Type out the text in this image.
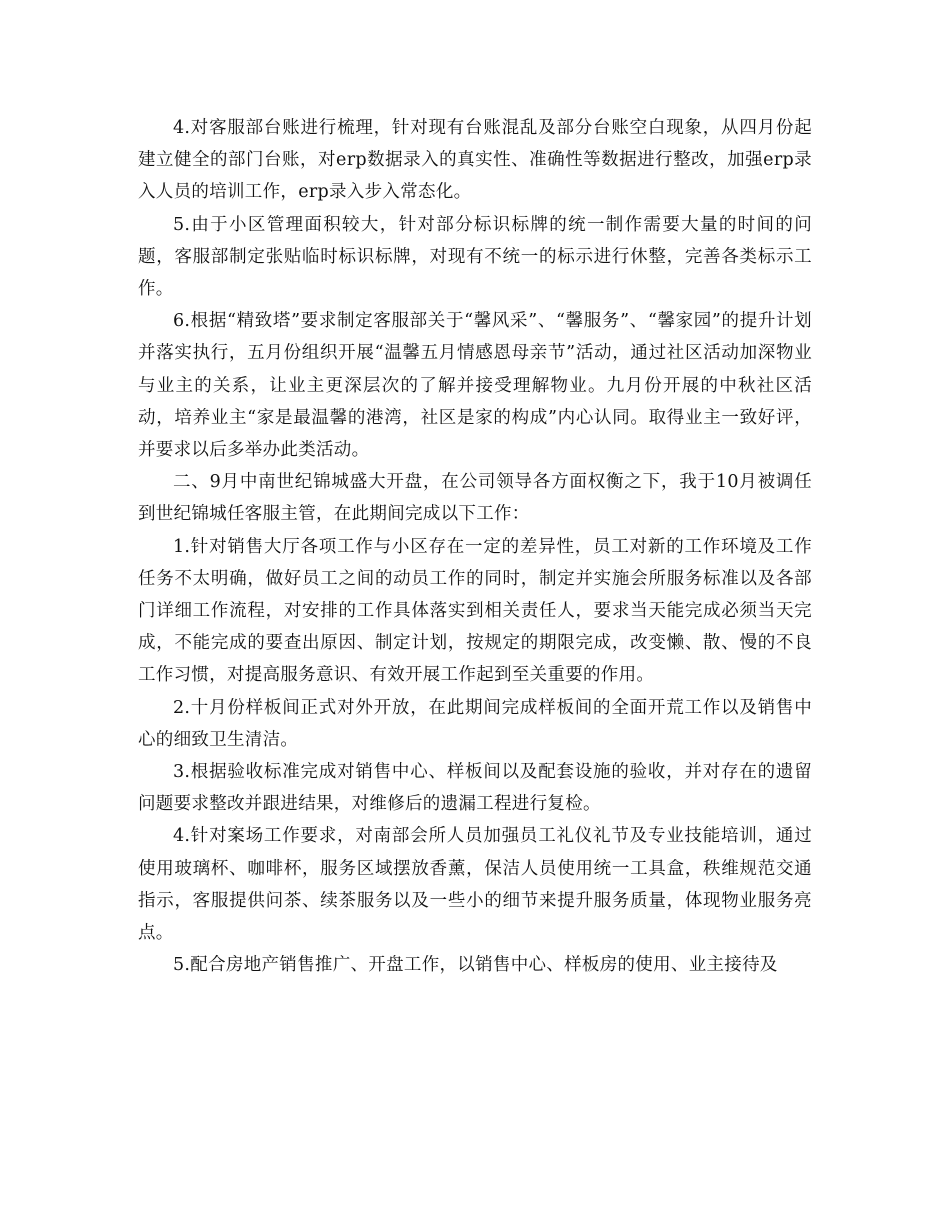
4.对客服部台账进行梳理，针对现有台账混乱及部分台账空白现象，从四月份起建立健全的部门台账，对erp数据录入的真实性、准确性等数据进行整改，加强erp录入人员的培训工作，erp录入步入常态化。

5.由于小区管理面积较大，针对部分标识标牌的统一制作需要大量的时间的问题，客服部制定张贴临时标识标牌，对现有不统一的标示进行休整，完善各类标示工作。

6.根据“精致塔”要求制定客服部关于“馨风采”、“馨服务”、“馨家园”的提升计划并落实执行，五月份组织开展“温馨五月情感恩母亲节”活动，通过社区活动加深物业与业主的关系，让业主更深层次的了解并接受理解物业。九月份开展的中秋社区活动，培养业主“家是最温馨的港湾，社区是家的构成”内心认同。取得业主一致好评，并要求以后多举办此类活动。

二、9月中南世纪锦城盛大开盘，在公司领导各方面权衡之下，我于10月被调任到世纪锦城任客服主管，在此期间完成以下工作：

1.针对销售大厅各项工作与小区存在一定的差异性，员工对新的工作环境及工作任务不太明确，做好员工之间的动员工作的同时，制定并实施会所服务标准以及各部门详细工作流程，对安排的工作具体落实到相关责任人，要求当天能完成必须当天完成，不能完成的要查出原因、制定计划，按规定的期限完成，改变懒、散、慢的不良工作习惯，对提高服务意识、有效开展工作起到至关重要的作用。

2.十月份样板间正式对外开放，在此期间完成样板间的全面开荒工作以及销售中心的细致卫生清洁。

3.根据验收标准完成对销售中心、样板间以及配套设施的验收，并对存在的遗留问题要求整改并跟进结果，对维修后的遗漏工程进行复检。

4.针对案场工作要求，对南部会所人员加强员工礼仪礼节及专业技能培训，通过使用玻璃杯、咖啡杯，服务区域摆放香薰，保洁人员使用统一工具盒，秩维规范交通指示，客服提供问茶、续茶服务以及一些小的细节来提升服务质量，体现物业服务亮点。

5.配合房地产销售推广、开盘工作，以销售中心、样板房的使用、业主接待及
